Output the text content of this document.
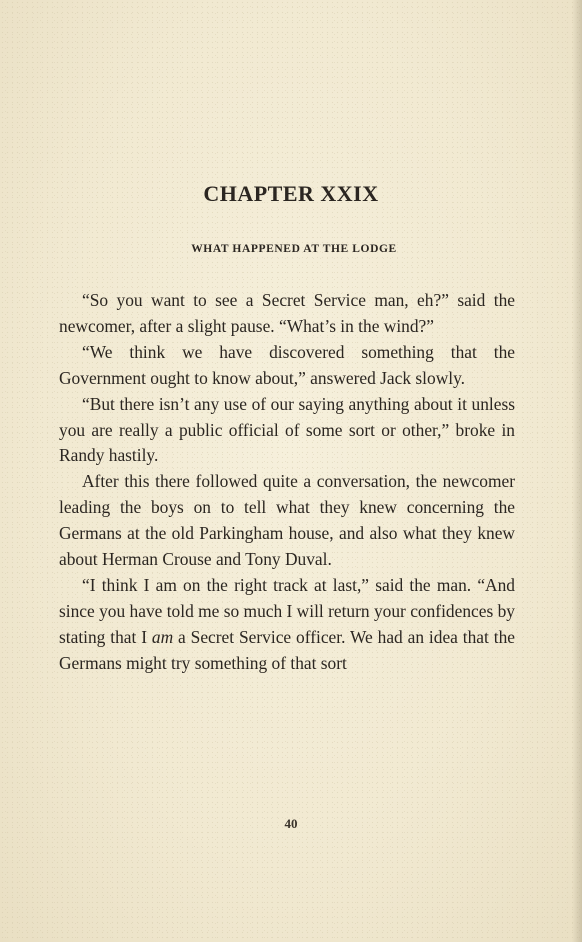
CHAPTER XXIX
WHAT HAPPENED AT THE LODGE

“So you want to see a Secret Service man, eh?” said the newcomer, after a slight pause. “What’s in the wind?”

“We think we have discovered something that the Government ought to know about,” answered Jack slowly.

“But there isn’t any use of our saying anything about it unless you are really a public official of some sort or other,” broke in Randy hastily.

After this there followed quite a conversation, the newcomer leading the boys on to tell what they knew concerning the Germans at the old Parkingham house, and also what they knew about Herman Crouse and Tony Duval.

“I think I am on the right track at last,” said the man. “And since you have told me so much I will return your confidences by stating that I am a Secret Service officer. We had an idea that the Germans might try something of that sort

40
